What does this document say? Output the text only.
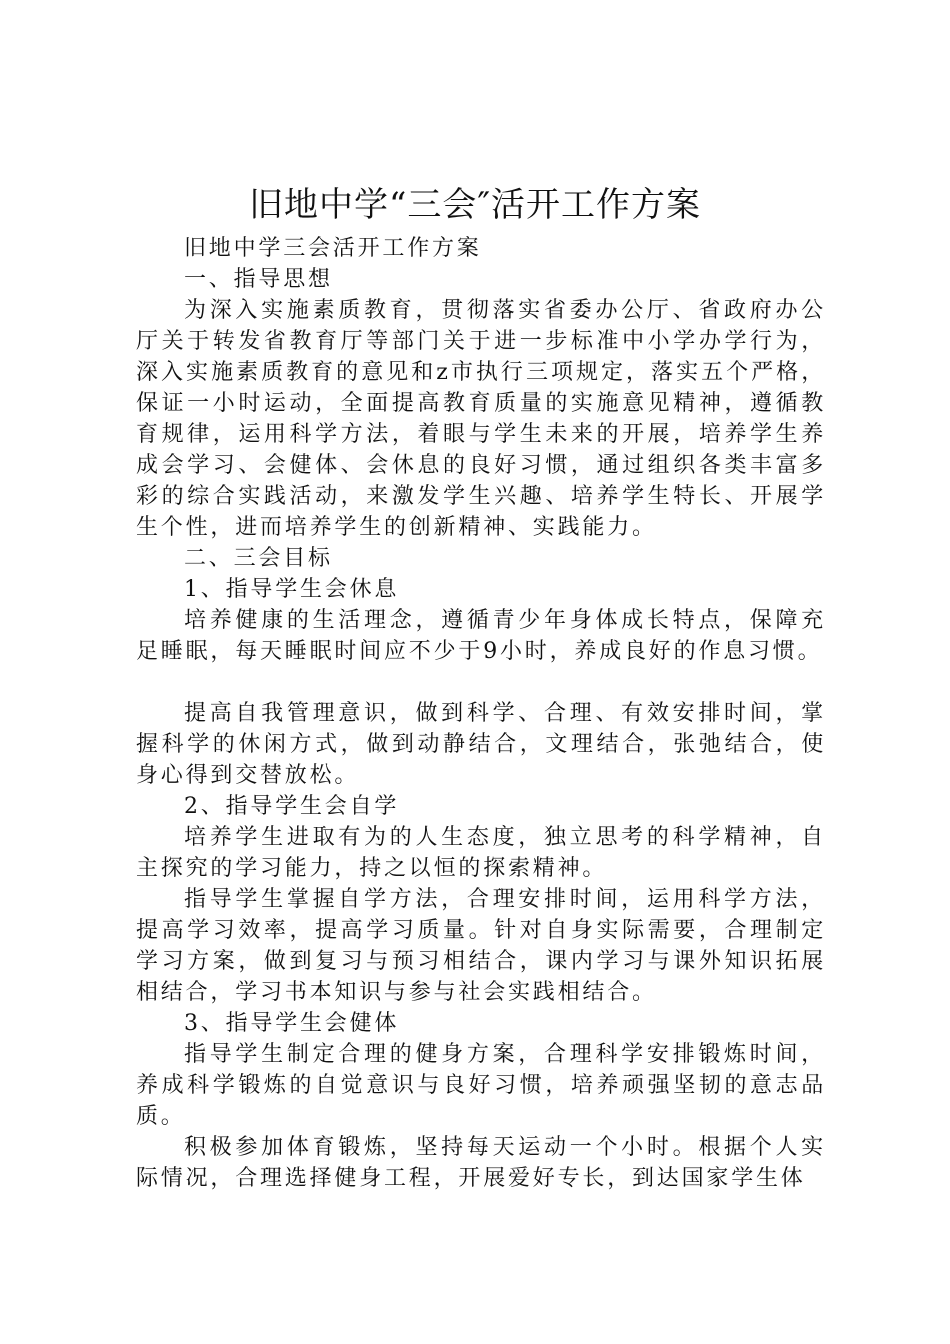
旧地中学“三会″活开工作方案

旧地中学三会活开工作方案

一、指导思想

为深入实施素质教育，贯彻落实省委办公厅、省政府办公厅关于转发省教育厅等部门关于进一步标准中小学办学行为，深入实施素质教育的意见和z市执行三项规定，落实五个严格，保证一小时运动，全面提高教育质量的实施意见精神，遵循教育规律，运用科学方法，着眼与学生未来的开展，培养学生养成会学习、会健体、会休息的良好习惯，通过组织各类丰富多彩的综合实践活动，来激发学生兴趣、培养学生特长、开展学生个性，进而培养学生的创新精神、实践能力。

二、三会目标

1、指导学生会休息

培养健康的生活理念，遵循青少年身体成长特点，保障充足睡眠，每天睡眠时间应不少于9小时，养成良好的作息习惯。

提高自我管理意识，做到科学、合理、有效安排时间，掌握科学的休闲方式，做到动静结合，文理结合，张弛结合，使身心得到交替放松。

2、指导学生会自学

培养学生进取有为的人生态度，独立思考的科学精神，自主探究的学习能力，持之以恒的探索精神。

指导学生掌握自学方法，合理安排时间，运用科学方法，提高学习效率，提高学习质量。针对自身实际需要，合理制定学习方案，做到复习与预习相结合，课内学习与课外知识拓展相结合，学习书本知识与参与社会实践相结合。

3、指导学生会健体

指导学生制定合理的健身方案，合理科学安排锻炼时间，养成科学锻炼的自觉意识与良好习惯，培养顽强坚韧的意志品质。

积极参加体育锻炼，坚持每天运动一个小时。根据个人实际情况，合理选择健身工程，开展爱好专长，到达国家学生体
